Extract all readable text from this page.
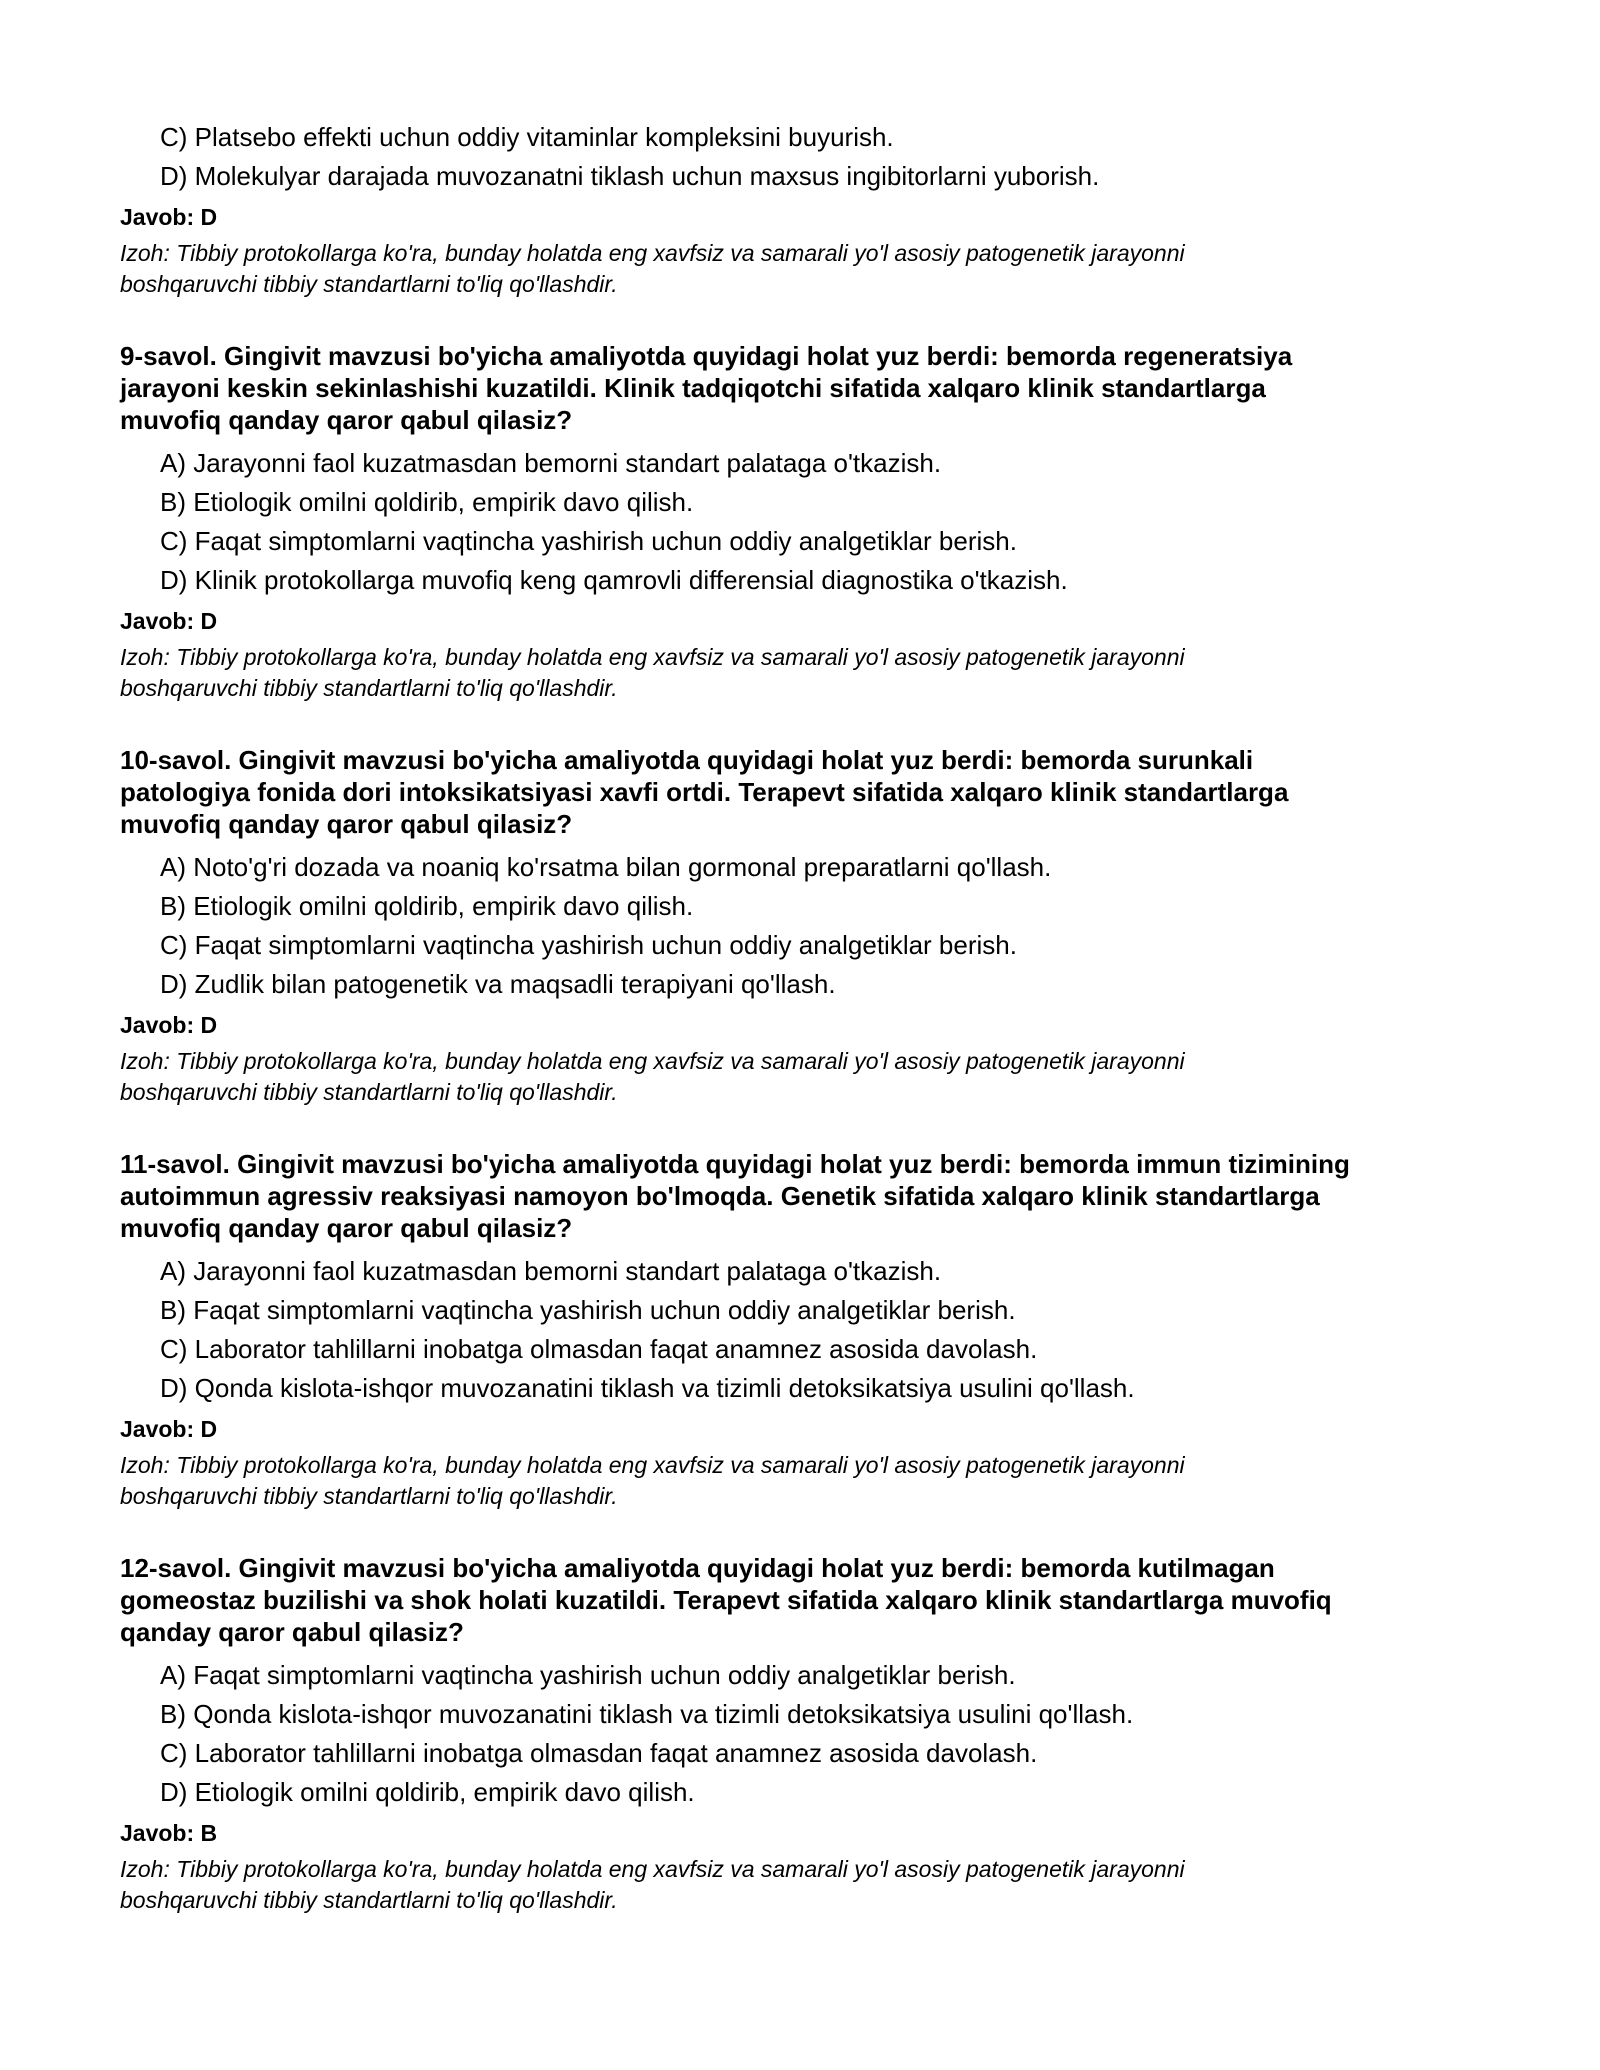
C) Platsebo effekti uchun oddiy vitaminlar kompleksini buyurish.
D) Molekulyar darajada muvozanatni tiklash uchun maxsus ingibitorlarni yuborish.
Javob: D
Izoh: Tibbiy protokollarga ko'ra, bunday holatda eng xavfsiz va samarali yo'l asosiy patogenetik jarayonni
boshqaruvchi tibbiy standartlarni to'liq qo'llashdir.
9-savol. Gingivit mavzusi bo'yicha amaliyotda quyidagi holat yuz berdi: bemorda regeneratsiya
jarayoni keskin sekinlashishi kuzatildi. Klinik tadqiqotchi sifatida xalqaro klinik standartlarga
muvofiq qanday qaror qabul qilasiz?
A) Jarayonni faol kuzatmasdan bemorni standart palataga o'tkazish.
B) Etiologik omilni qoldirib, empirik davo qilish.
C) Faqat simptomlarni vaqtincha yashirish uchun oddiy analgetiklar berish.
D) Klinik protokollarga muvofiq keng qamrovli differensial diagnostika o'tkazish.
Javob: D
Izoh: Tibbiy protokollarga ko'ra, bunday holatda eng xavfsiz va samarali yo'l asosiy patogenetik jarayonni
boshqaruvchi tibbiy standartlarni to'liq qo'llashdir.
10-savol. Gingivit mavzusi bo'yicha amaliyotda quyidagi holat yuz berdi: bemorda surunkali
patologiya fonida dori intoksikatsiyasi xavfi ortdi. Terapevt sifatida xalqaro klinik standartlarga
muvofiq qanday qaror qabul qilasiz?
A) Noto'g'ri dozada va noaniq ko'rsatma bilan gormonal preparatlarni qo'llash.
B) Etiologik omilni qoldirib, empirik davo qilish.
C) Faqat simptomlarni vaqtincha yashirish uchun oddiy analgetiklar berish.
D) Zudlik bilan patogenetik va maqsadli terapiyani qo'llash.
Javob: D
Izoh: Tibbiy protokollarga ko'ra, bunday holatda eng xavfsiz va samarali yo'l asosiy patogenetik jarayonni
boshqaruvchi tibbiy standartlarni to'liq qo'llashdir.
11-savol. Gingivit mavzusi bo'yicha amaliyotda quyidagi holat yuz berdi: bemorda immun tizimining
autoimmun agressiv reaksiyasi namoyon bo'lmoqda. Genetik sifatida xalqaro klinik standartlarga
muvofiq qanday qaror qabul qilasiz?
A) Jarayonni faol kuzatmasdan bemorni standart palataga o'tkazish.
B) Faqat simptomlarni vaqtincha yashirish uchun oddiy analgetiklar berish.
C) Laborator tahlillarni inobatga olmasdan faqat anamnez asosida davolash.
D) Qonda kislota-ishqor muvozanatini tiklash va tizimli detoksikatsiya usulini qo'llash.
Javob: D
Izoh: Tibbiy protokollarga ko'ra, bunday holatda eng xavfsiz va samarali yo'l asosiy patogenetik jarayonni
boshqaruvchi tibbiy standartlarni to'liq qo'llashdir.
12-savol. Gingivit mavzusi bo'yicha amaliyotda quyidagi holat yuz berdi: bemorda kutilmagan
gomeostaz buzilishi va shok holati kuzatildi. Terapevt sifatida xalqaro klinik standartlarga muvofiq
qanday qaror qabul qilasiz?
A) Faqat simptomlarni vaqtincha yashirish uchun oddiy analgetiklar berish.
B) Qonda kislota-ishqor muvozanatini tiklash va tizimli detoksikatsiya usulini qo'llash.
C) Laborator tahlillarni inobatga olmasdan faqat anamnez asosida davolash.
D) Etiologik omilni qoldirib, empirik davo qilish.
Javob: B
Izoh: Tibbiy protokollarga ko'ra, bunday holatda eng xavfsiz va samarali yo'l asosiy patogenetik jarayonni
boshqaruvchi tibbiy standartlarni to'liq qo'llashdir.
